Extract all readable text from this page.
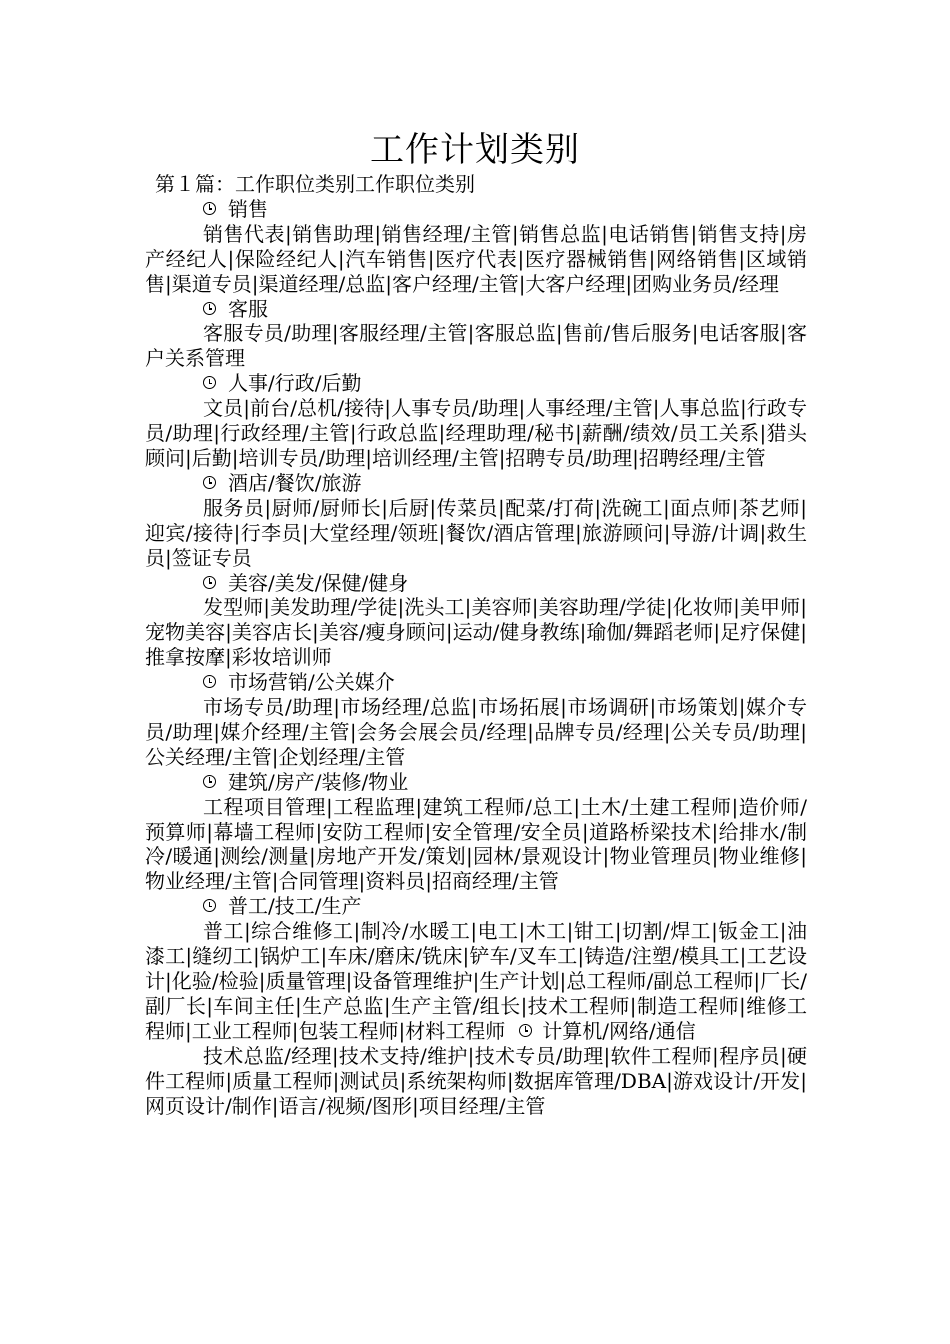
工作计划类别
第１篇：工作职位类别工作职位类别
销售
销售代表|销售助理|销售经理/主管|销售总监|电话销售|销售支持|房产经纪人|保险经纪人|汽车销售|医疗代表|医疗器械销售|网络销售|区域销售|渠道专员|渠道经理/总监|客户经理/主管|大客户经理|团购业务员/经理
客服
客服专员/助理|客服经理/主管|客服总监|售前/售后服务|电话客服|客户关系管理
人事/行政/后勤
文员|前台/总机/接待|人事专员/助理|人事经理/主管|人事总监|行政专员/助理|行政经理/主管|行政总监|经理助理/秘书|薪酬/绩效/员工关系|猎头顾问|后勤|培训专员/助理|培训经理/主管|招聘专员/助理|招聘经理/主管
酒店/餐饮/旅游
服务员|厨师/厨师长|后厨|传菜员|配菜/打荷|洗碗工|面点师|茶艺师|迎宾/接待|行李员|大堂经理/领班|餐饮/酒店管理|旅游顾问|导游/计调|救生员|签证专员
美容/美发/保健/健身
发型师|美发助理/学徒|洗头工|美容师|美容助理/学徒|化妆师|美甲师|宠物美容|美容店长|美容/瘦身顾问|运动/健身教练|瑜伽/舞蹈老师|足疗保健|推拿按摩|彩妆培训师
市场营销/公关媒介
市场专员/助理|市场经理/总监|市场拓展|市场调研|市场策划|媒介专员/助理|媒介经理/主管|会务会展会员/经理|品牌专员/经理|公关专员/助理|公关经理/主管|企划经理/主管
建筑/房产/装修/物业
工程项目管理|工程监理|建筑工程师/总工|土木/土建工程师|造价师/预算师|幕墙工程师|安防工程师|安全管理/安全员|道路桥梁技术|给排水/制冷/暖通|测绘/测量|房地产开发/策划|园林/景观设计|物业管理员|物业维修|物业经理/主管|合同管理|资料员|招商经理/主管
普工/技工/生产
普工|综合维修工|制冷/水暖工|电工|木工|钳工|切割/焊工|钣金工|油漆工|缝纫工|锅炉工|车床/磨床/铣床|铲车/叉车工|铸造/注塑/模具工|工艺设计|化验/检验|质量管理|设备管理维护|生产计划|总工程师/副总工程师|厂长/副厂长|车间主任|生产总监|生产主管/组长|技术工程师|制造工程师|维修工程师|工业工程师|包装工程师|材料工程师 计算机/网络/通信
技术总监/经理|技术支持/维护|技术专员/助理|软件工程师|程序员|硬件工程师|质量工程师|测试员|系统架构师|数据库管理/DBA|游戏设计/开发|网页设计/制作|语言/视频/图形|项目经理/主管
